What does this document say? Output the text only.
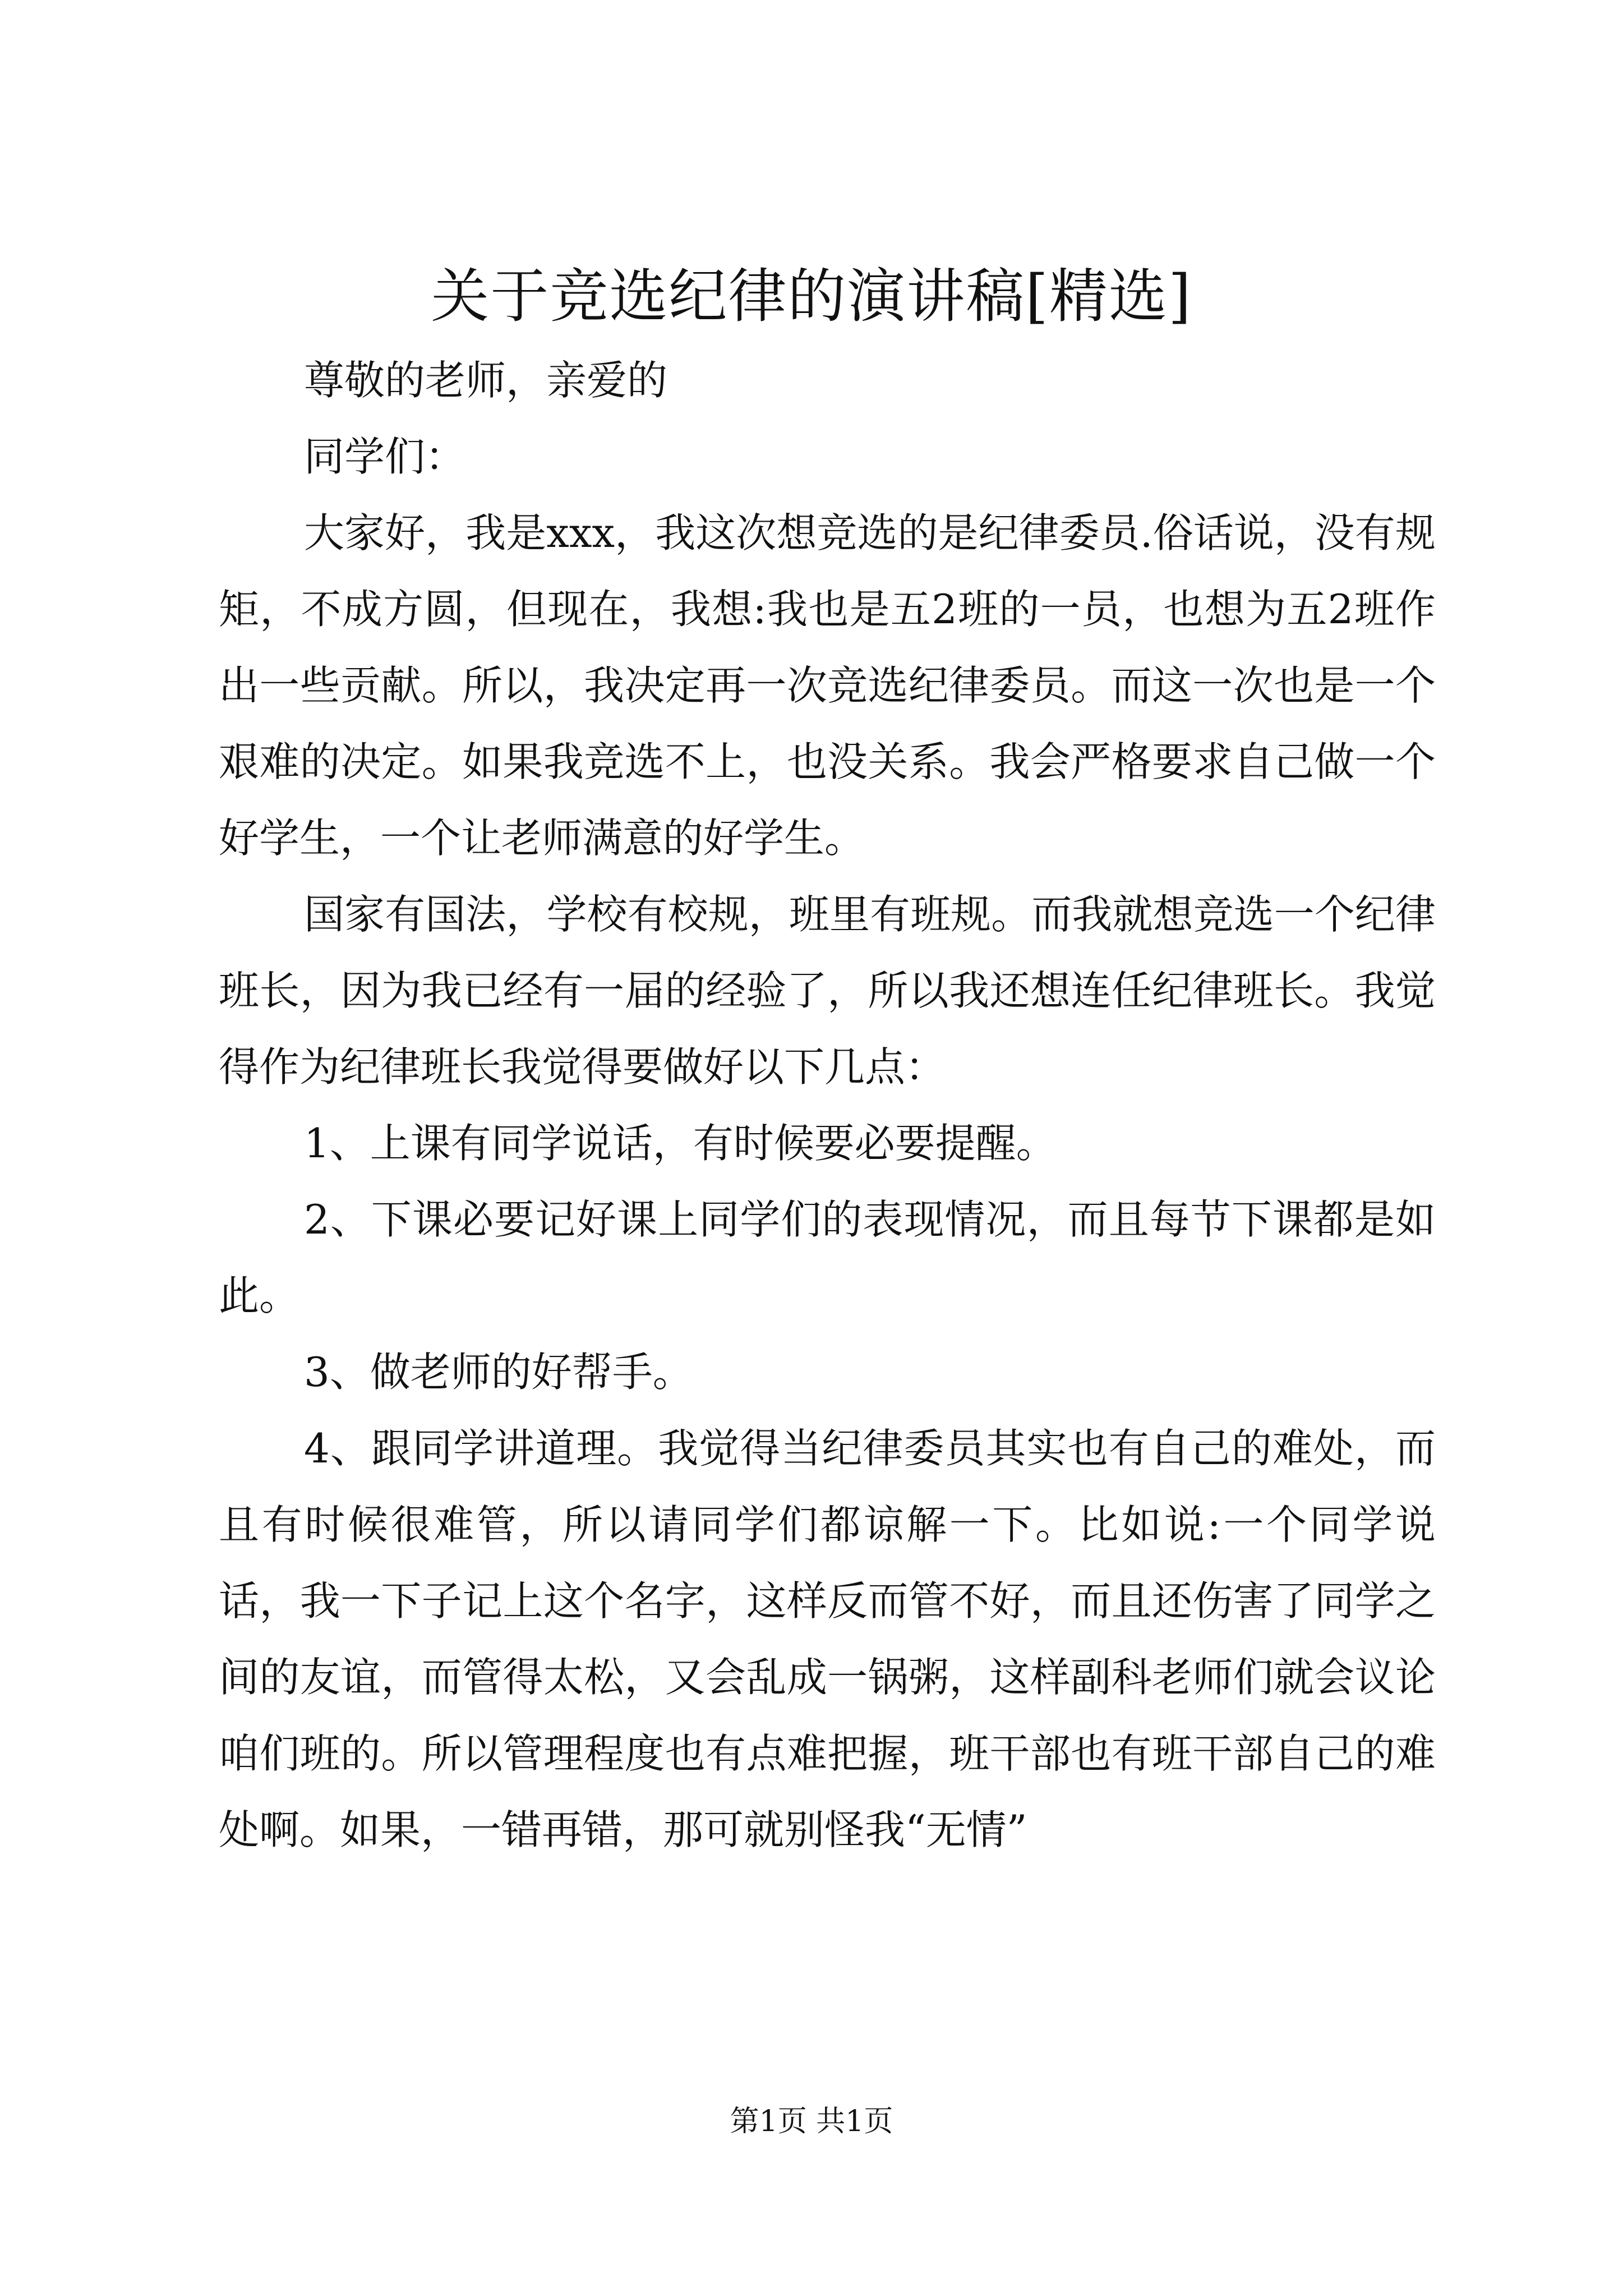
关于竞选纪律的演讲稿[精选]

尊敬的老师，亲爱的

同学们：

大家好，我是xxx，我这次想竞选的是纪律委员.俗话说，没有规矩，不成方圆，但现在，我想:我也是五2班的一员，也想为五2班作出一些贡献。所以，我决定再一次竞选纪律委员。而这一次也是一个艰难的决定。如果我竞选不上，也没关系。我会严格要求自己做一个好学生，一个让老师满意的好学生。

国家有国法，学校有校规，班里有班规。而我就想竞选一个纪律班长，因为我已经有一届的经验了，所以我还想连任纪律班长。我觉得作为纪律班长我觉得要做好以下几点：

1、上课有同学说话，有时候要必要提醒。

2、下课必要记好课上同学们的表现情况，而且每节下课都是如此。

3、做老师的好帮手。

4、跟同学讲道理。我觉得当纪律委员其实也有自己的难处，而且有时候很难管，所以请同学们都谅解一下。比如说:一个同学说话，我一下子记上这个名字，这样反而管不好，而且还伤害了同学之间的友谊，而管得太松，又会乱成一锅粥，这样副科老师们就会议论咱们班的。所以管理程度也有点难把握，班干部也有班干部自己的难处啊。如果，一错再错，那可就别怪我“无情”

第1页 共1页
